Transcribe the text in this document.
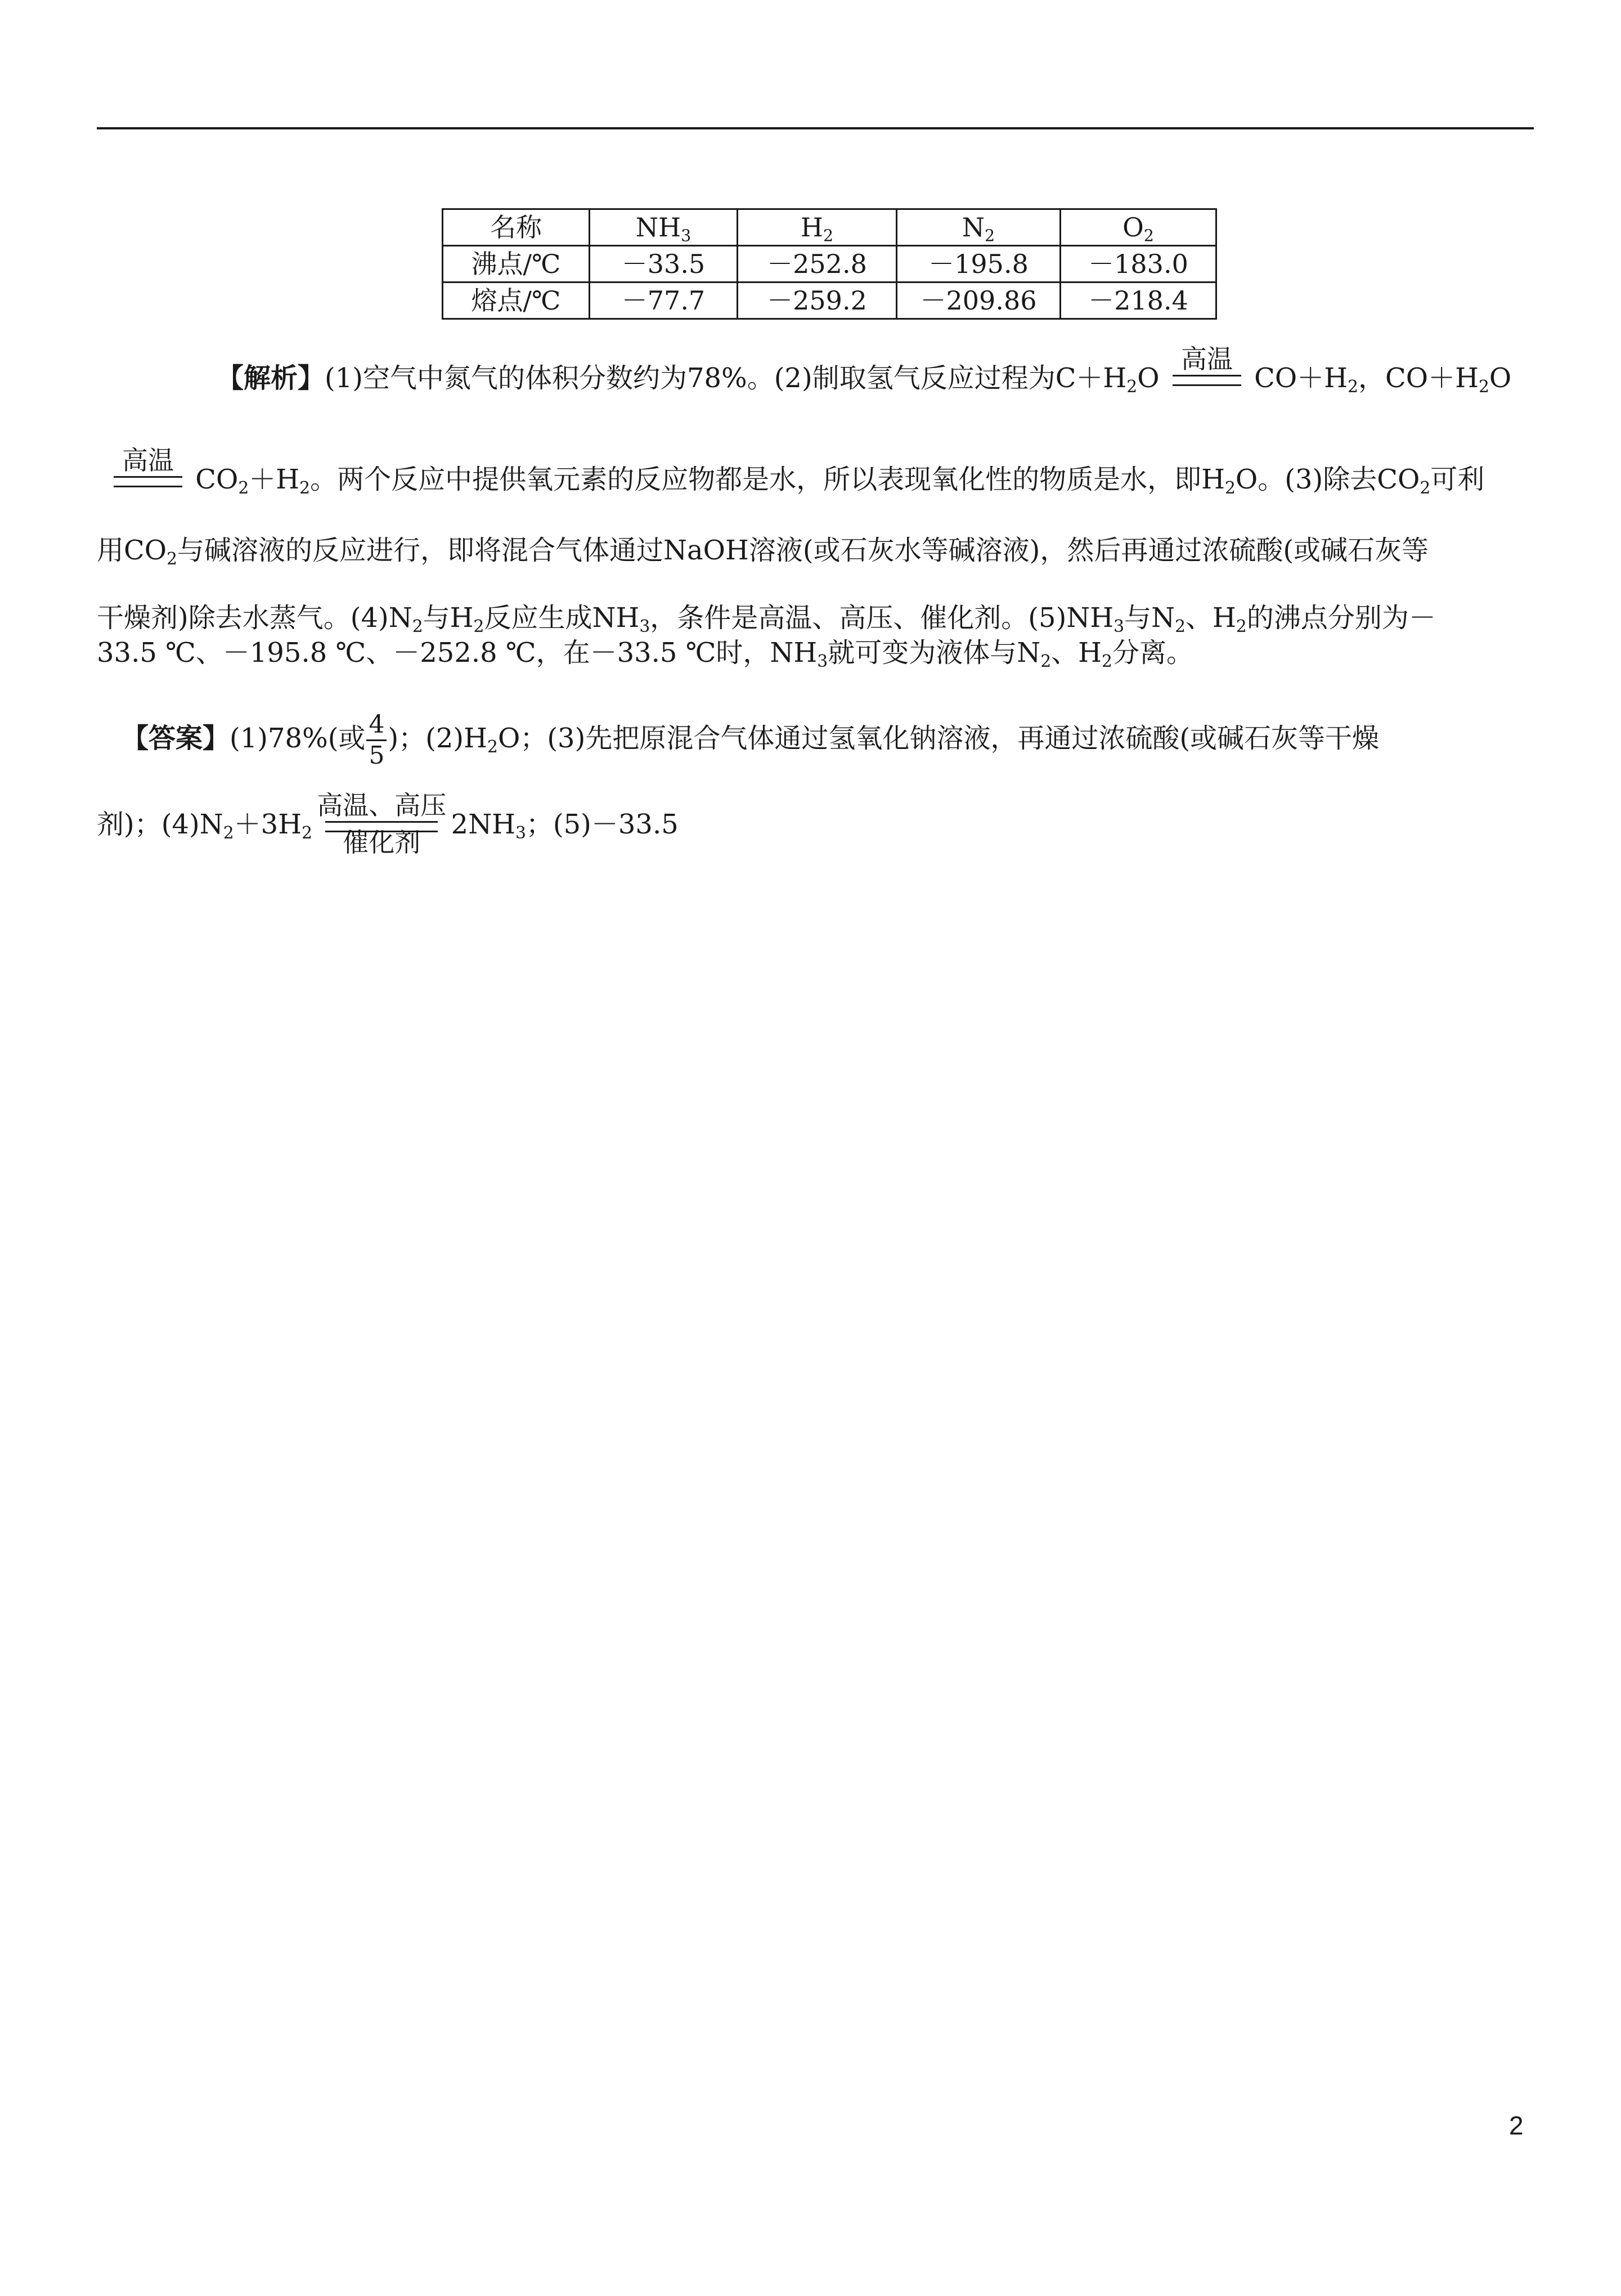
名称	$NH_3$	$H_2$	$N_2$	$O_2$
沸点/℃	－33.5	－252.8	－195.8	－183.0
熔点/℃	－77.7	－259.2	－209.86	－218.4
【解析】(1)空气中氮气的体积分数约为78%。(2)制取氢气反应过程为$C+H_2O$
高温
$CO+H_2$，$CO+H_2O$
高温
$CO_2+H_2$。两个反应中提供氧元素的反应物都是水，所以表现氧化性的物质是水，即$H_2O$。(3)除去$CO_2$可利
用$CO_2$与碱溶液的反应进行，即将混合气体通过NaOH溶液(或石灰水等碱溶液)，然后再通过浓硫酸(或碱石灰等
干燥剂)除去水蒸气。$(4)N_2$与$H_2$反应生成$NH_3$，条件是高温、高压、催化剂。$(5)NH_3$与$N_2$、$H_2$的沸点分别为－
33.5 ℃、－195.8 ℃、－252.8 ℃，在－33.5 ℃时，$NH_3$就可变为液体与$N_2$、$H_2$分离。
【答案】(1)78%(或 $\frac{4}{5}$ )；$(2)H_2O$；(3)先把原混合气体通过氢氧化钠溶液，再通过浓硫酸(或碱石灰等干燥
剂)；$(4)N_2+3H_2$
高温、高压
催化剂
$2NH_3$；(5)－33.5
2
